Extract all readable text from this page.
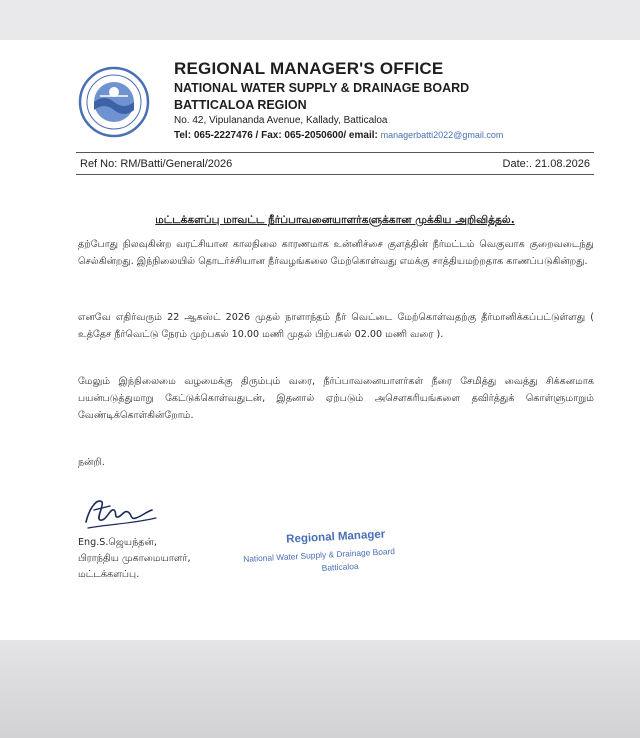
REGIONAL MANAGER'S OFFICE
NATIONAL WATER SUPPLY & DRAINAGE BOARD
BATTICALOA REGION
No. 42, Vipulananda Avenue, Kallady, Batticaloa
Tel: 065-2227476 / Fax: 065-2050600/ email: managerbatti2022@gmail.com
Ref No: RM/Batti/General/2026	Date:. 21.08.2026
மட்டக்களப்பு மாவட்ட நீர்ப்பாவனையாளர்களுக்கான முக்கிய அறிவித்தல்.
தற்போது நிலவுகின்ற வரட்சியான காலநிலை காரணமாக உன்னிச்சை குளத்தின் நீர்மட்டம் வெகுவாக குறைவடைந்து செல்கின்றது. இந்நிலையில் தொடர்ச்சியான நீர்வழங்கலை மேற்கொள்வது எமக்கு சாத்தியமற்றதாக காணப்படுகின்றது.
எனவே எதிர்வரும் 22 ஆகஸ்ட் 2026 முதல் நாளாந்தம் நீர் வெட்டை மேற்கொள்வதற்கு தீர்மானிக்கப்பட்டுள்ளது ( உத்தேச நீர்வெட்டு நேரம் முற்பகல் 10.00 மணி முதல் பிற்பகல் 02.00 மணி வரை ).
மேலும் இந்நிலைமை வழமைக்கு திரும்பும் வரை, நீர்ப்பாவனையாளர்கள் நீரை சேமித்து வைத்து சிக்கனமாக பயன்படுத்துமாறு கேட்டுக்கொள்வதுடன், இதனால் ஏற்படும் அசௌகரியங்களை தவிர்த்துக் கொள்ளுமாறும் வேண்டிக்கொள்கின்றோம்.
நன்றி.
Eng.S.ஜெயந்தன்,
பிராந்திய முகாமையாளர்,
மட்டக்களப்பு.
Regional Manager
National Water Supply & Drainage Board
Batticaloa
